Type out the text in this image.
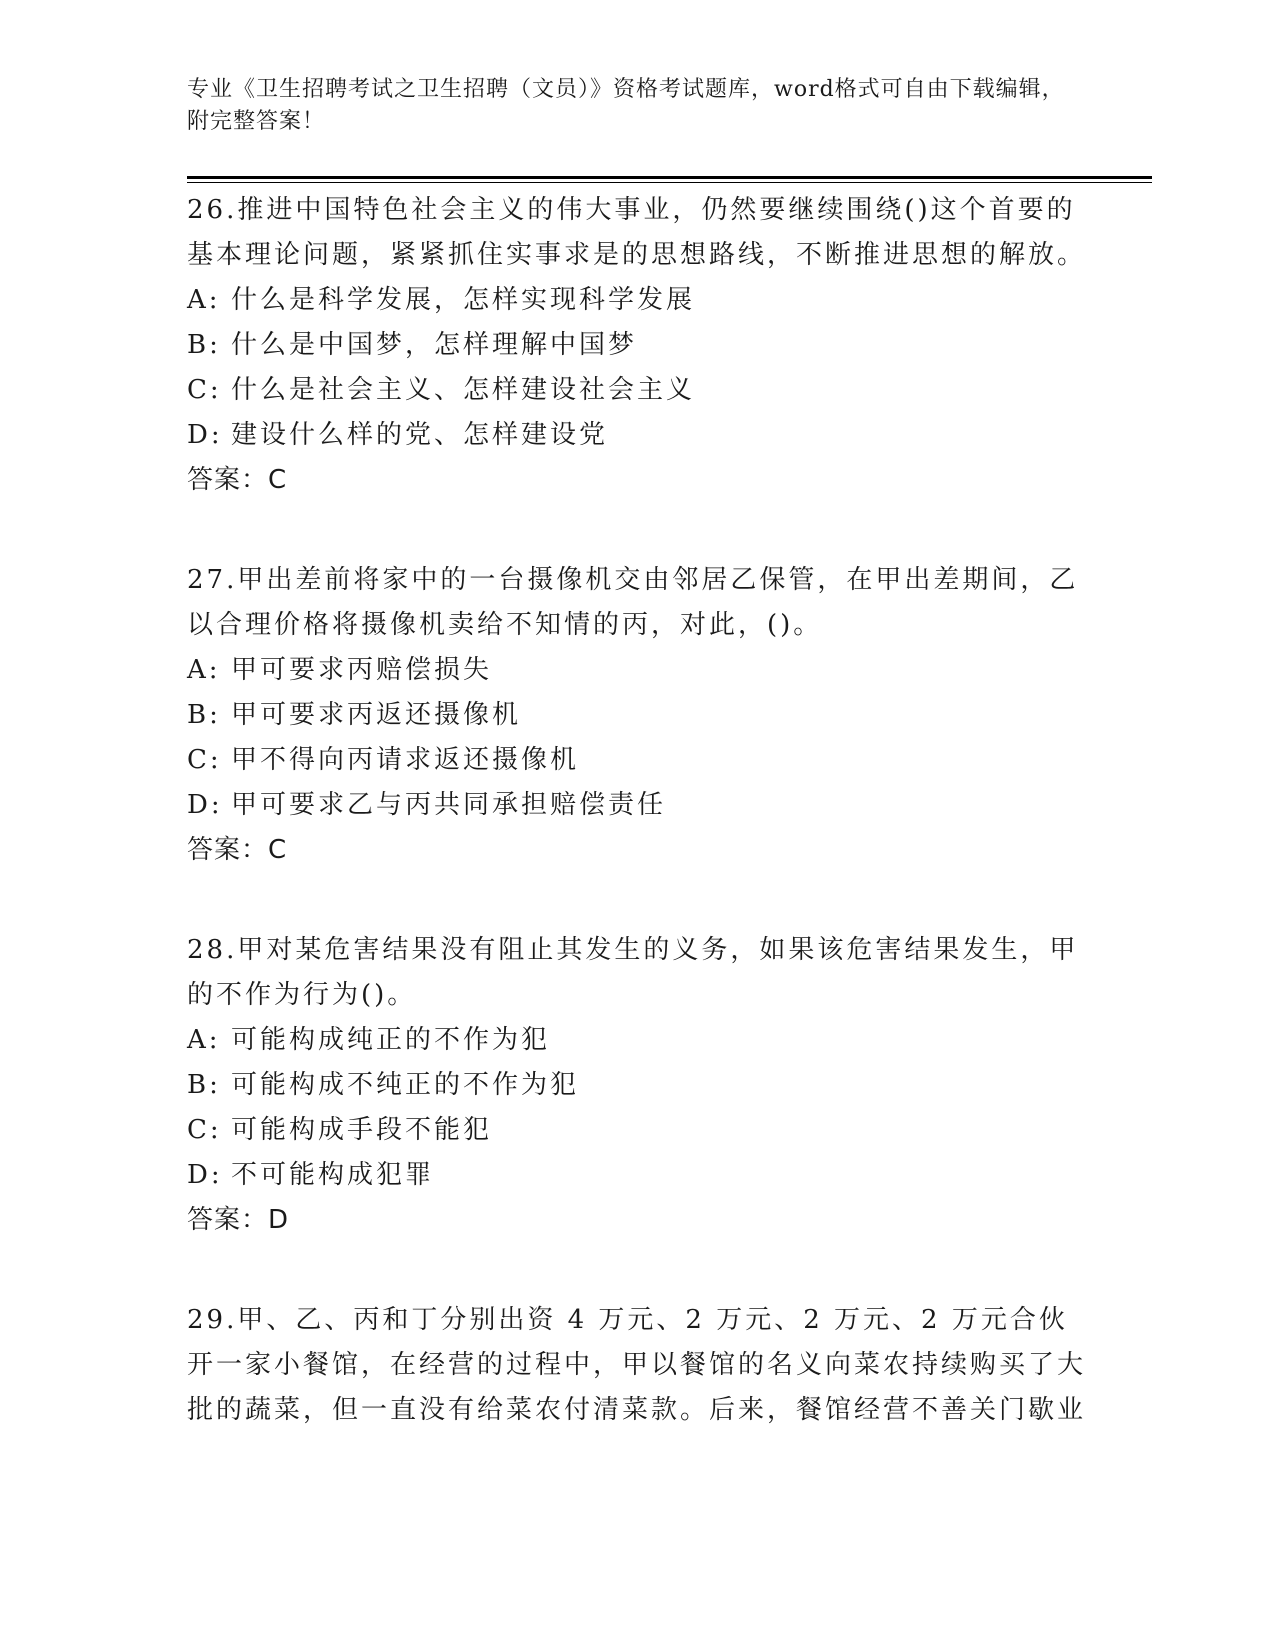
专业《卫生招聘考试之卫生招聘（文员）》资格考试题库，word格式可自由下载编辑，附完整答案！
26.推进中国特色社会主义的伟大事业，仍然要继续围绕()这个首要的基本理论问题，紧紧抓住实事求是的思想路线，不断推进思想的解放。
A: 什么是科学发展，怎样实现科学发展
B: 什么是中国梦，怎样理解中国梦
C: 什么是社会主义、怎样建设社会主义
D: 建设什么样的党、怎样建设党
答案：C
27.甲出差前将家中的一台摄像机交由邻居乙保管，在甲出差期间，乙以合理价格将摄像机卖给不知情的丙，对此，()。
A: 甲可要求丙赔偿损失
B: 甲可要求丙返还摄像机
C: 甲不得向丙请求返还摄像机
D: 甲可要求乙与丙共同承担赔偿责任
答案：C
28.甲对某危害结果没有阻止其发生的义务，如果该危害结果发生，甲的不作为行为()。
A: 可能构成纯正的不作为犯
B: 可能构成不纯正的不作为犯
C: 可能构成手段不能犯
D: 不可能构成犯罪
答案：D
29.甲、乙、丙和丁分别出资 4 万元、2 万元、2 万元、2 万元合伙开一家小餐馆，在经营的过程中，甲以餐馆的名义向菜农持续购买了大批的蔬菜，但一直没有给菜农付清菜款。后来，餐馆经营不善关门歇业
